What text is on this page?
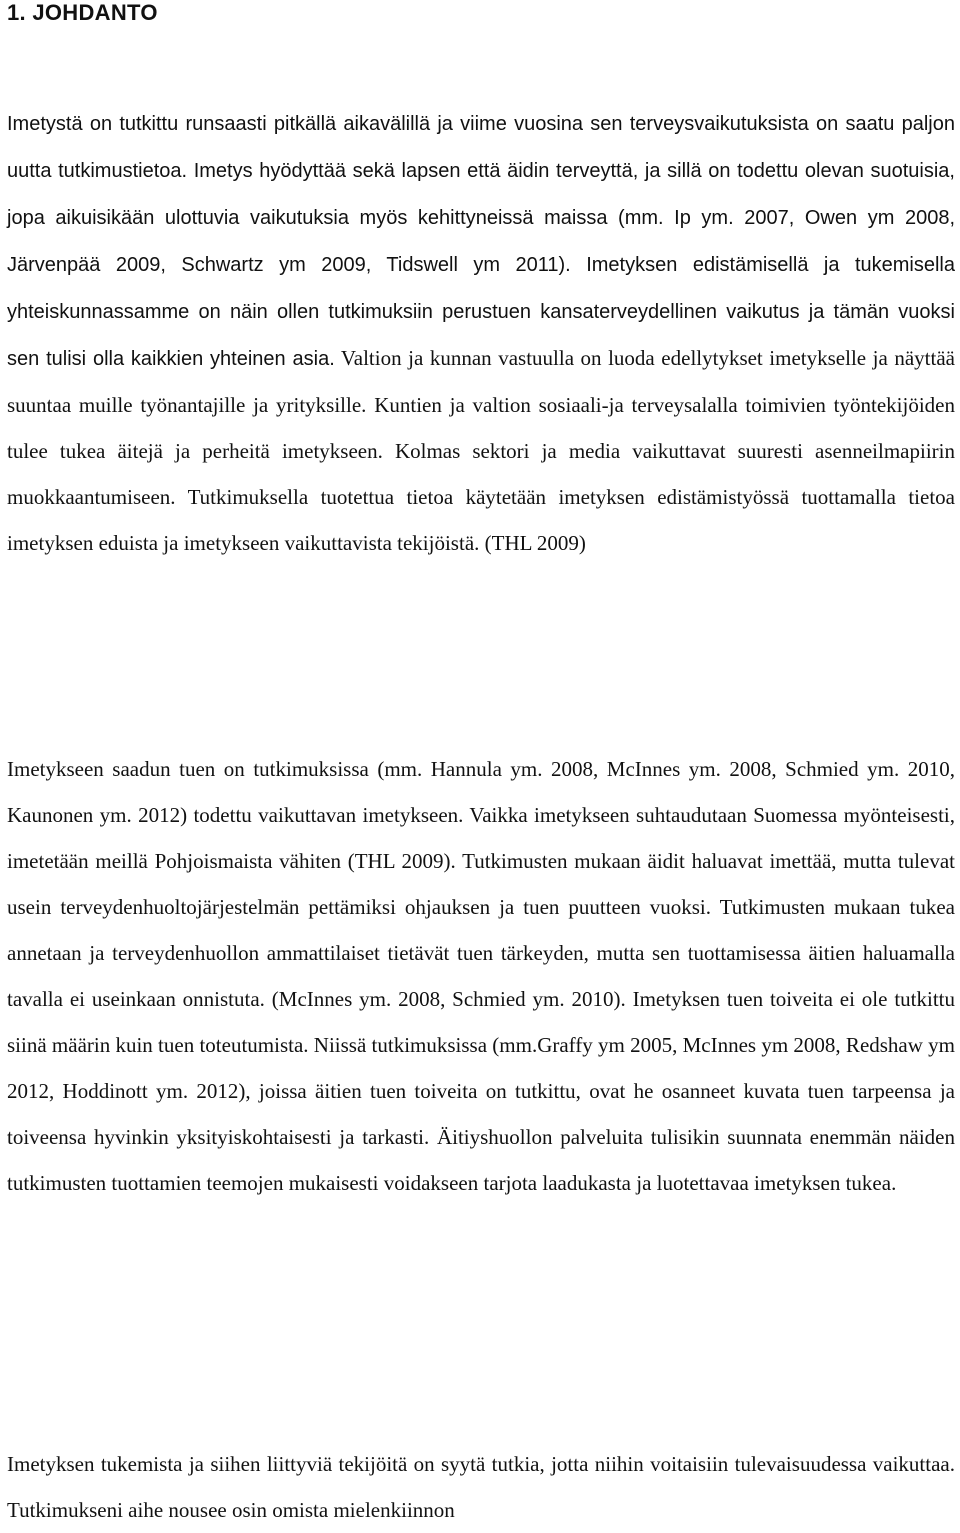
1. JOHDANTO

Imetystä on tutkittu runsaasti pitkällä aikavälillä ja viime vuosina sen terveysvaikutuksista on saatu paljon uutta tutkimustietoa. Imetys hyödyttää sekä lapsen että äidin terveyttä, ja sillä on todettu olevan suotuisia, jopa aikuisikään ulottuvia vaikutuksia myös kehittyneissä maissa (mm. Ip ym. 2007, Owen ym 2008, Järvenpää 2009, Schwartz ym 2009, Tidswell ym 2011). Imetyksen edistämisellä ja tukemisella yhteiskunnassamme on näin ollen tutkimuksiin perustuen kansaterveydellinen vaikutus ja tämän vuoksi sen tulisi olla kaikkien yhteinen asia. Valtion ja kunnan vastuulla on luoda edellytykset imetykselle ja näyttää suuntaa muille työnantajille ja yrityksille. Kuntien ja valtion sosiaali-ja terveysalalla toimivien työntekijöiden tulee tukea äitejä ja perheitä imetykseen. Kolmas sektori ja media vaikuttavat suuresti asenneilmapiirin muokkaantumiseen. Tutkimuksella tuotettua tietoa käytetään imetyksen edistämistyössä tuottamalla tietoa imetyksen eduista ja imetykseen vaikuttavista tekijöistä. (THL 2009)

Imetykseen saadun tuen on tutkimuksissa (mm. Hannula ym. 2008, McInnes ym. 2008, Schmied ym. 2010, Kaunonen ym. 2012) todettu vaikuttavan imetykseen. Vaikka imetykseen suhtaudutaan Suomessa myönteisesti, imetetään meillä Pohjoismaista vähiten (THL 2009). Tutkimusten mukaan äidit haluavat imettää, mutta tulevat usein terveydenhuoltojärjestelmän pettämiksi ohjauksen ja tuen puutteen vuoksi. Tutkimusten mukaan tukea annetaan ja terveydenhuollon ammattilaiset tietävät tuen tärkeyden, mutta sen tuottamisessa äitien haluamalla tavalla ei useinkaan onnistuta. (McInnes ym. 2008, Schmied ym. 2010). Imetyksen tuen toiveita ei ole tutkittu siinä määrin kuin tuen toteutumista. Niissä tutkimuksissa (mm.Graffy ym 2005, McInnes ym 2008, Redshaw ym 2012, Hoddinott ym. 2012), joissa äitien tuen toiveita on tutkittu, ovat he osanneet kuvata tuen tarpeensa ja toiveensa hyvinkin yksityiskohtaisesti ja tarkasti. Äitiyshuollon palveluita tulisikin suunnata enemmän näiden tutkimusten tuottamien teemojen mukaisesti voidakseen tarjota laadukasta ja luotettavaa imetyksen tukea.

Imetyksen tukemista ja siihen liittyviä tekijöitä on syytä tutkia, jotta niihin voitaisiin tulevaisuudessa vaikuttaa. Tutkimukseni aihe nousee osin omista mielenkiinnon
